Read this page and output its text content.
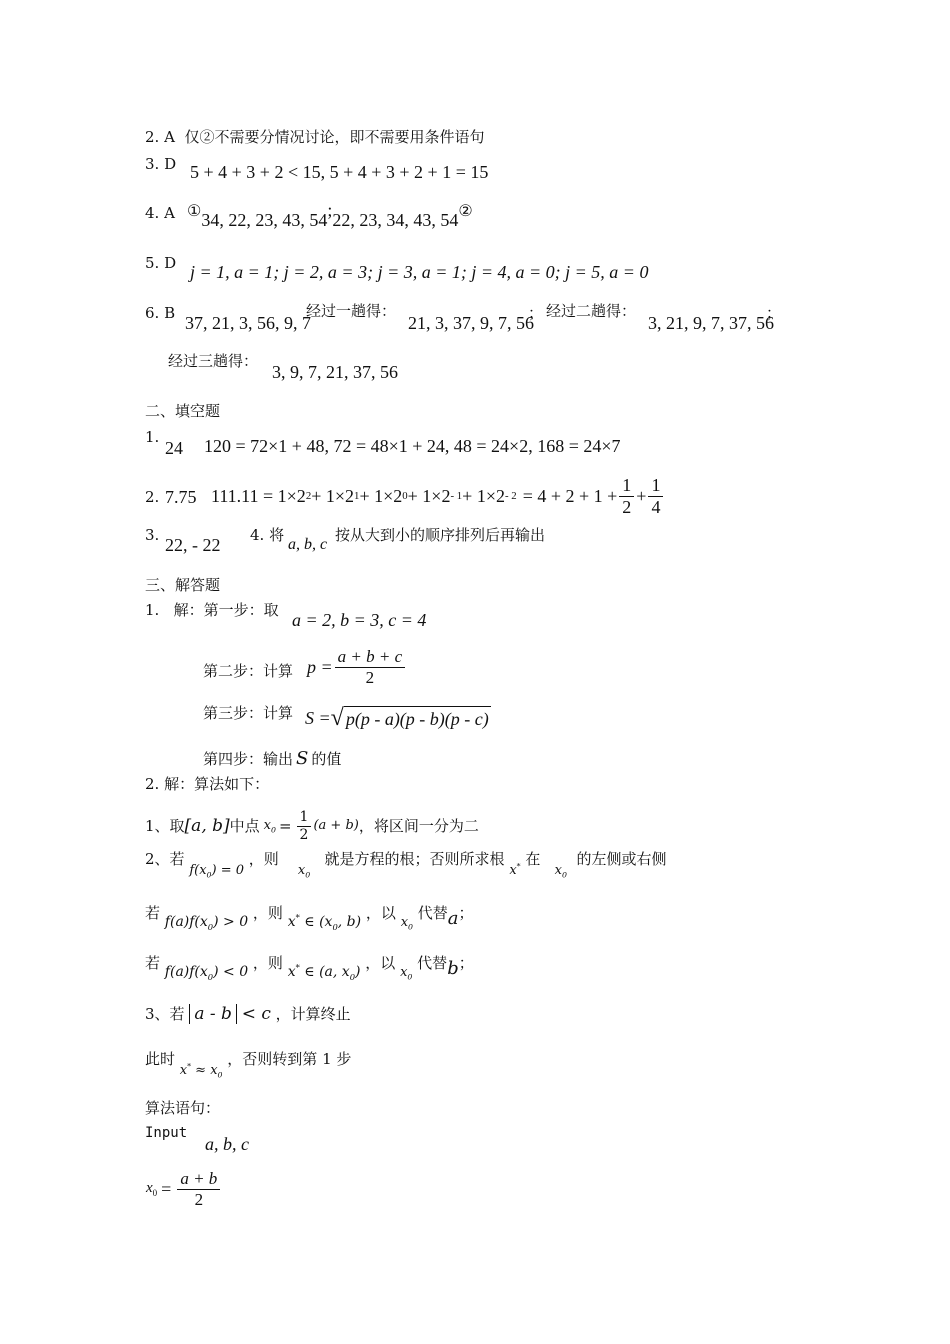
2. A 仅②不需要分情况讨论，即不需要用条件语句
3. D 5 + 4 + 3 + 2 < 15, 5 + 4 + 3 + 2 + 1 = 15
4. A ①34, 22, 23, 43, 54;22, 23, 34, 43, 54②
5. D j = 1, a = 1; j = 2, a = 3; j = 3, a = 1; j = 4, a = 0; j = 5, a = 0
6. B 37, 21, 3, 56, 9, 7
经过一趟得：
21, 3, 37, 9, 7, 56
； 经过二趟得：
3, 21, 9, 7, 37, 56
；
经过三趟得：
3, 9, 7, 21, 37, 56
二、填空题
1.
24 120 = 72×1 + 48, 72 = 48×1 + 24, 48 = 24×2, 168 = 24×7
2. 7.75 111.11 = 1×2 2 + 1×2 1 + 1×2 $0 + 1\times 2 - 1 + 1\times 2 - 2 = 4 + 2 + 1 + \frac{1}{2} + \frac{1}{4}$
3. 22, - 22 4. 将
a, b, c
按从大到小的顺序排列后再输出
三、解答题
1. 解：第一步：取 a = 2, b = 3, c = 4
第二步：计算 $p = \frac{a + b + c}{2}$
第三步：计算 S = √ p(p - a)(p - b)(p - c)
第四步：输出 S 的值
2. 解：算法如下：
1、取 [a, b] 中点 $x_0 = \frac{1}{2} (a + b)$ ，将区间一分为二
2、若 $f(x_0) = 0$ ，则    $x_0$   就是方程的根；否则所求根 x* 在   $x_0$  的左侧或右侧
若 $f(a)f(x_0) > 0$ ，则 x* ∈ ($x_0$, b) ，以 $x_0$ 代替a；
若 $f(a)f(x_0) < 0$ ，则 x* ∈ (a, $x_0$) ，以 $x_0$ 代替b；
3、若 a - b < c ，计算终止
此时 $x^* \approx x_0$ ，否则转到第 1 步
算法语句：
Input
a, b, c
$x_0 = \frac{a + b}{2}$
